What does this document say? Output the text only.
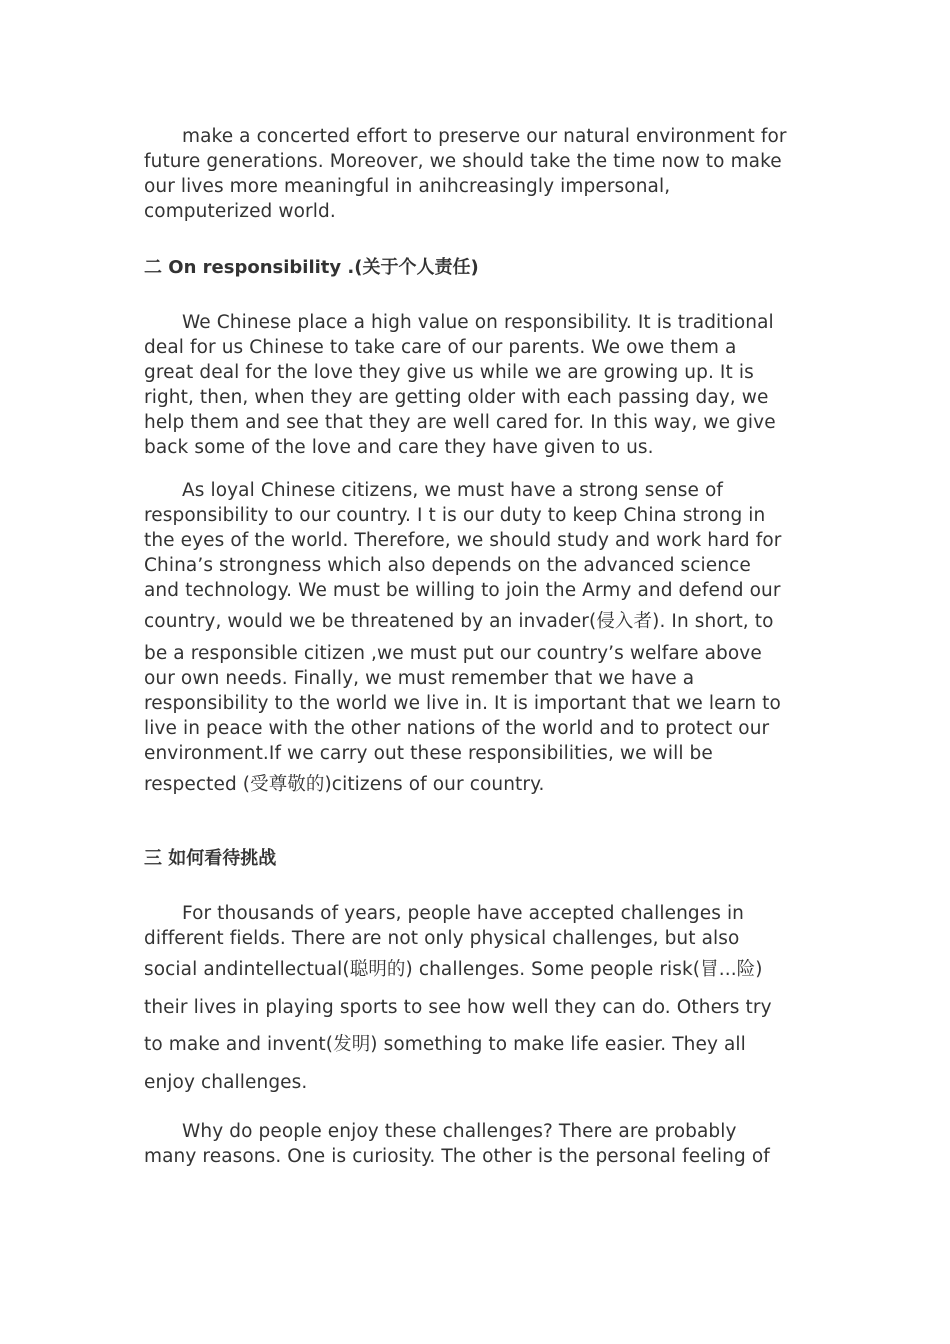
make a concerted effort to preserve our natural environment for
future generations. Moreover, we should take the time now to make
our lives more meaningful in anihcreasingly impersonal,
computerized world.
二 On responsibility .(关于个人责任)
We Chinese place a high value on responsibility. It is traditional
deal for us Chinese to take care of our parents. We owe them a
great deal for the love they give us while we are growing up. It is
right, then, when they are getting older with each passing day, we
help them and see that they are well cared for. In this way, we give
back some of the love and care they have given to us.
As loyal Chinese citizens, we must have a strong sense of
responsibility to our country. I t is our duty to keep China strong in
the eyes of the world. Therefore, we should study and work hard for
China’s strongness which also depends on the advanced science
and technology. We must be willing to join the Army and defend our
country, would we be threatened by an invader(侵入者). In short, to
be a responsible citizen ,we must put our country’s welfare above
our own needs. Finally, we must remember that we have a
responsibility to the world we live in. It is important that we learn to
live in peace with the other nations of the world and to protect our
environment.If we carry out these responsibilities, we will be
respected (受尊敬的)citizens of our country.
三 如何看待挑战
For thousands of years, people have accepted challenges in
different fields. There are not only physical challenges, but also
social andintellectual(聪明的) challenges. Some people risk(冒...险)
their lives in playing sports to see how well they can do. Others try
to make and invent(发明) something to make life easier. They all
enjoy challenges.
Why do people enjoy these challenges? There are probably
many reasons. One is curiosity. The other is the personal feeling of
